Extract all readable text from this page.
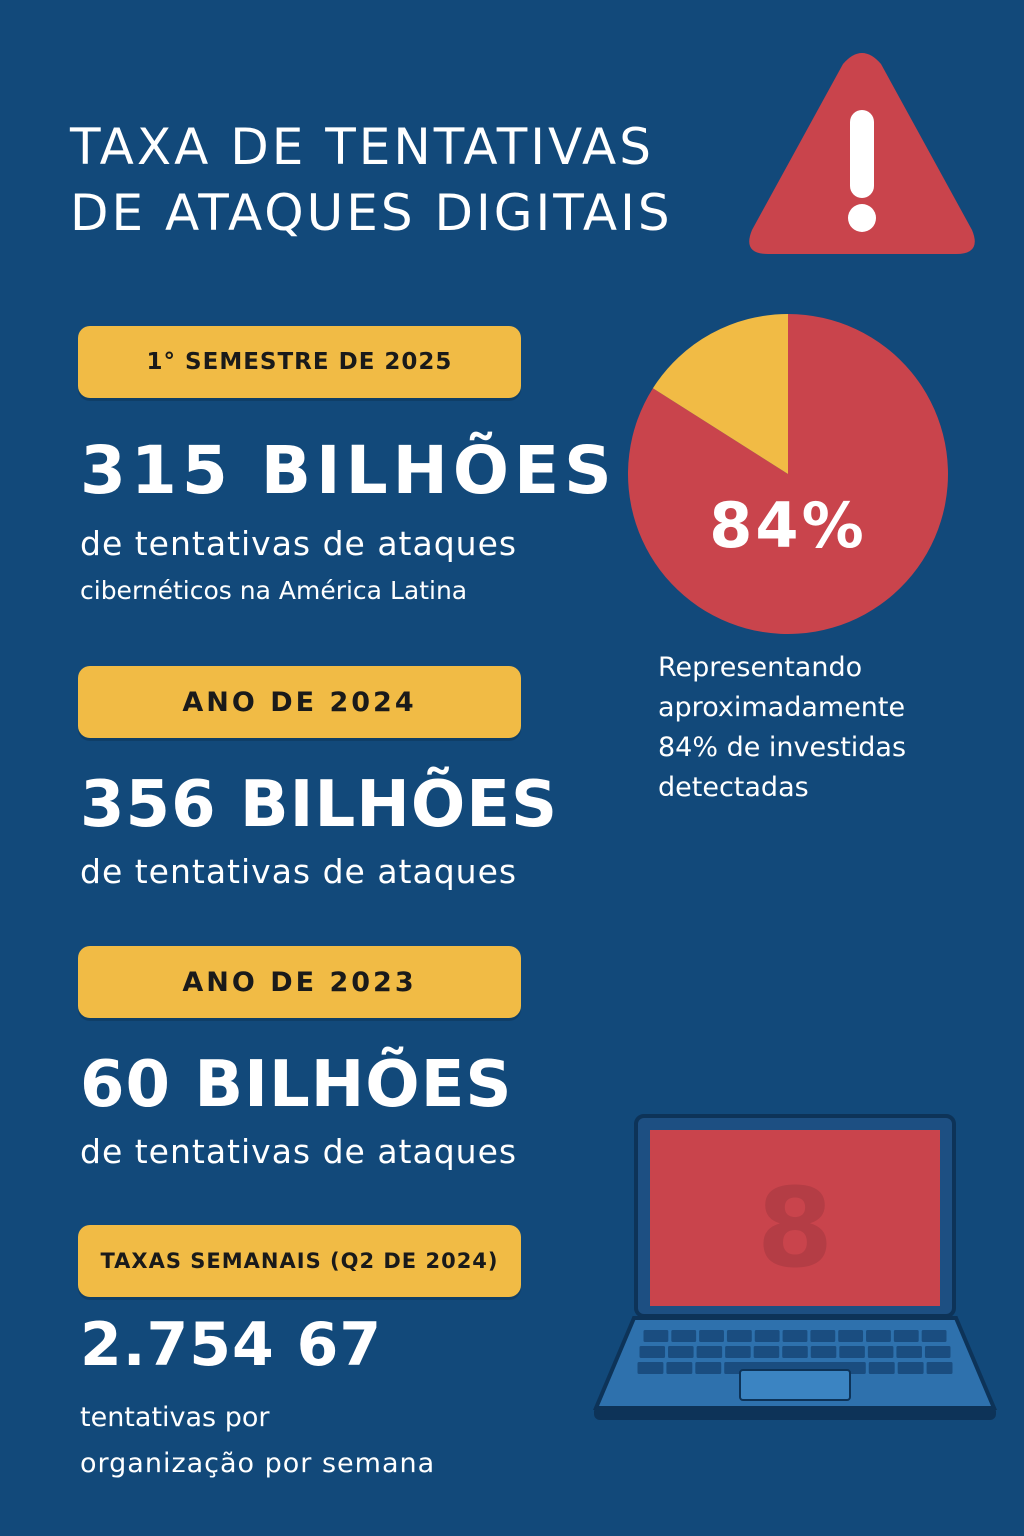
TAXA DE TENTATIVAS
DE ATAQUES DIGITAIS
1° SEMESTRE DE 2025
315 BILHÕES
de tentativas de ataques
cibernéticos na América Latina
ANO DE 2024
356 BILHÕES
de tentativas de ataques
ANO DE 2023
60 BILHÕES
de tentativas de ataques
TAXAS SEMANAIS (Q2 DE 2024)
2.754 67
tentativas por
organização por semana
84%
Representando
aproximadamente
84% de investidas
detectadas
8
